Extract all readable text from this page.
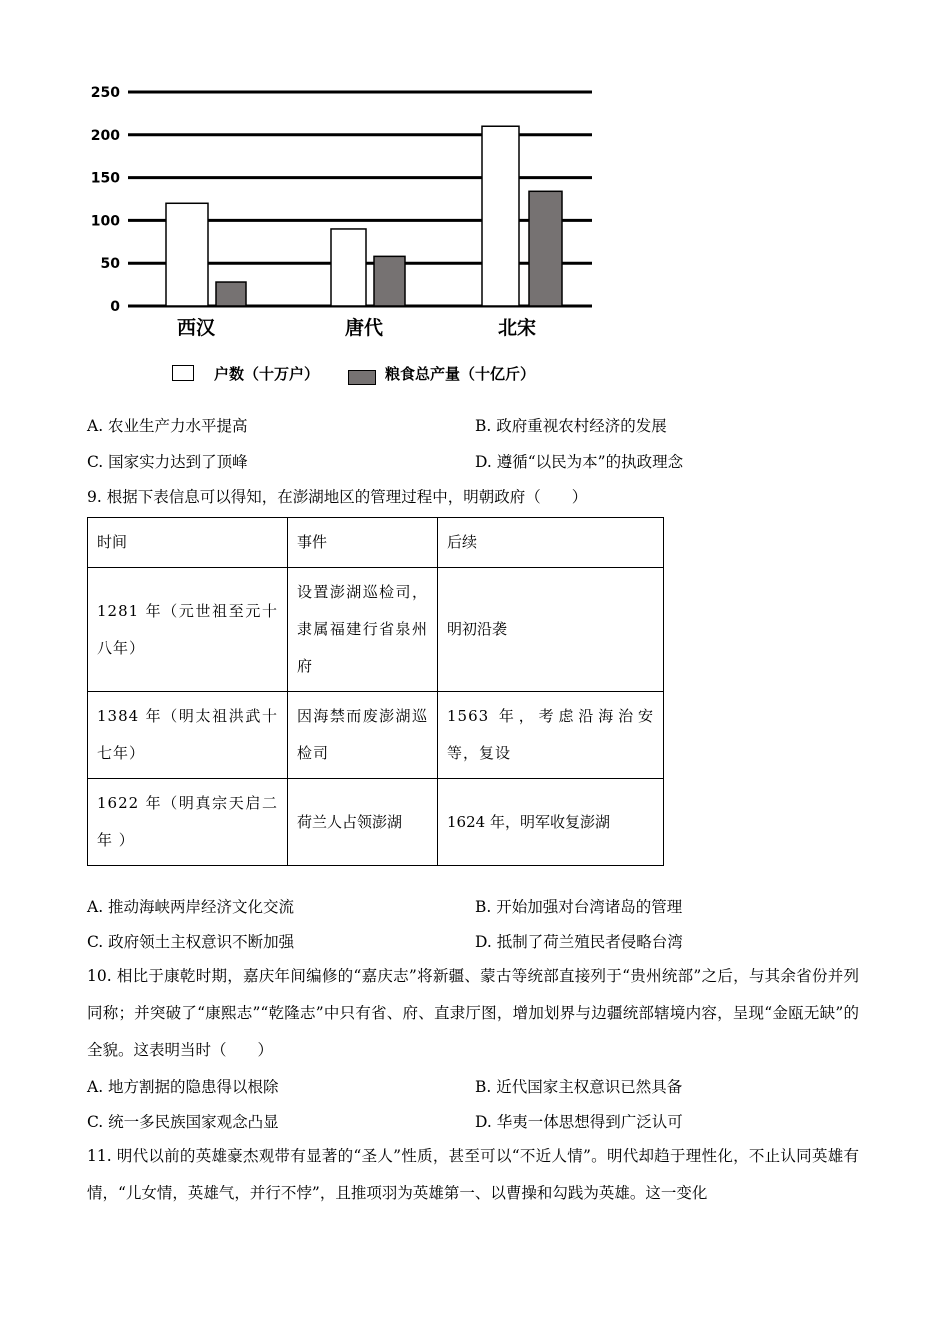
250
200
150
100
50
0
西汉	唐代	北宋
户数（十万户）	粮食总产量（十亿斤）
A. 农业生产力水平提高	B. 政府重视农村经济的发展
C. 国家实力达到了顶峰	D. 遵循“以民为本”的执政理念
9. 根据下表信息可以得知，在澎湖地区的管理过程中，明朝政府（　　）
时间	事件	后续
1281 年（元世祖至元十八年）	设置澎湖巡检司，隶属福建行省泉州府	明初沿袭
1384 年（明太祖洪武十七年）	因海禁而废澎湖巡检司	1563 年，考虑沿海治安等，复设
1622 年（明真宗天启二年 ）	荷兰人占领澎湖	1624 年，明军收复澎湖
A. 推动海峡两岸经济文化交流	B. 开始加强对台湾诸岛的管理
C. 政府领土主权意识不断加强	D. 抵制了荷兰殖民者侵略台湾
10. 相比于康乾时期，嘉庆年间编修的“嘉庆志”将新疆、蒙古等统部直接列于“贵州统部”之后，与其余省份并列同称；并突破了“康熙志”“乾隆志”中只有省、府、直隶厅图，增加划界与边疆统部辖境内容，呈现“金瓯无缺”的全貌。这表明当时（　　）
A. 地方割据的隐患得以根除	B. 近代国家主权意识已然具备
C. 统一多民族国家观念凸显	D. 华夷一体思想得到广泛认可
11. 明代以前的英雄豪杰观带有显著的“圣人”性质，甚至可以“不近人情”。明代却趋于理性化，不止认同英雄有情，“儿女情，英雄气，并行不悖”，且推项羽为英雄第一、以曹操和勾践为英雄。这一变化
